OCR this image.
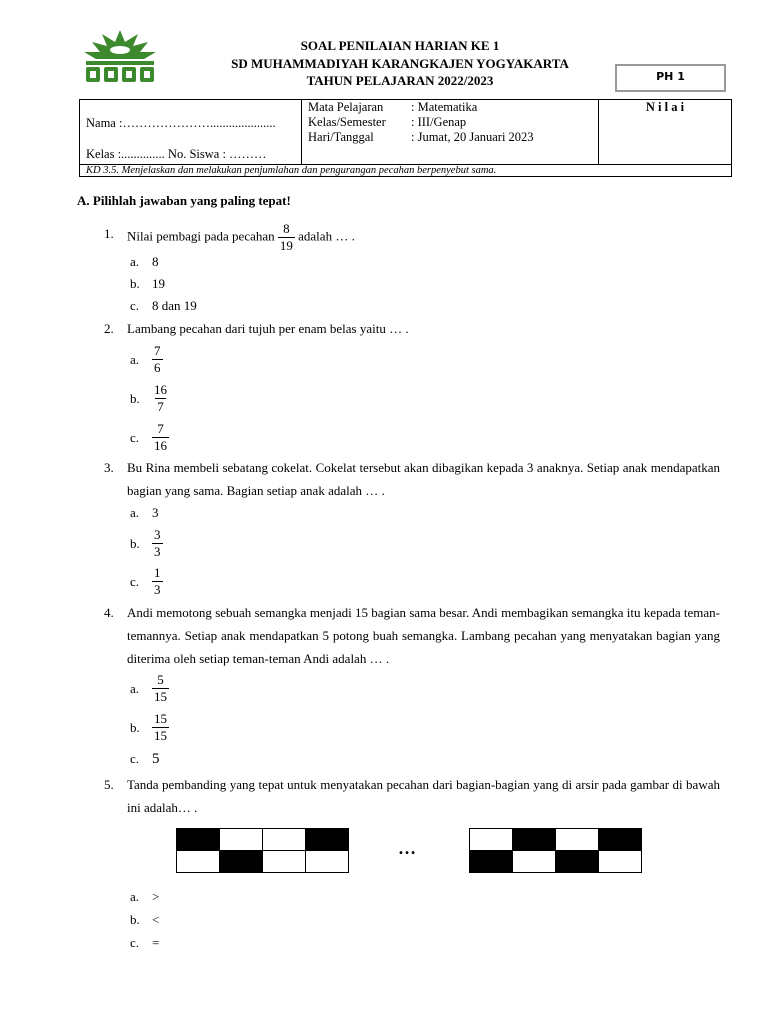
SOAL PENILAIAN HARIAN KE 1
SD MUHAMMADIYAH KARANGKAJEN YOGYAKARTA
TAHUN PELAJARAN 2022/2023	PH 1
Nama :………………….....................
Kelas :.............. No. Siswa : ………

Mata Pelajaran : Matematika
Kelas/Semester : III/Genap
Hari/Tanggal	: Jumat, 20 Januari 2023
	N i l a i
KD 3.5. Menjelaskan dan melakukan penjumlahan dan pengurangan pecahan berpenyebut sama.
A. Pilihlah jawaban yang paling tepat!
1. Nilai pembagi pada pecahan $\frac{8}{19}$ adalah … .
a. 8
b. 19
c. 8 dan 19
2. Lambang pecahan dari tujuh per enam belas yaitu … .
a. $\frac{7}{6}$
b. $\frac{16}{7}$
c. $\frac{7}{16}$
3. Bu Rina membeli sebatang cokelat. Cokelat tersebut akan dibagikan kepada 3 anaknya. Setiap anak mendapatkan bagian yang sama. Bagian setiap anak adalah … .
a. 3
b. $\frac{3}{3}$
c. $\frac{1}{3}$
4. Andi memotong sebuah semangka menjadi 15 bagian sama besar. Andi membagikan semangka itu kepada teman-temannya. Setiap anak mendapatkan 5 potong buah semangka. Lambang pecahan yang menyatakan bagian yang diterima oleh setiap teman-teman Andi adalah … .
a. $\frac{5}{15}$
b. $\frac{15}{15}$
c. 5
5. Tanda pembanding yang tepat untuk menyatakan pecahan dari bagian-bagian yang di arsir pada gambar di bawah ini adalah… .

…

a. >
b. <
c. =
